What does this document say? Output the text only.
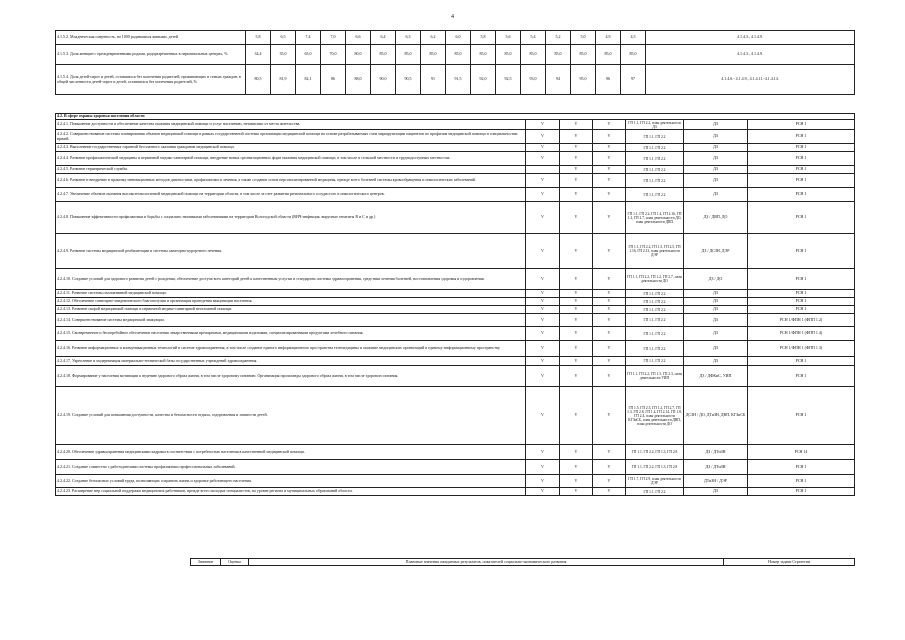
4
4.1.5.2. Младенческая смертность, на 1000 родившихся живыми, детей	5,8	6,5	7,4	7,0	6,6	6,4	6,3	6,2	6,0	5,8	5,6	5,4	5,2	5,0	4,9	4,5	4.1.4.3., 4.1.4.9.
4.1.5.3. Доля женщин с преждевременными родами, родоразрешенных в перинатальных центрах, %	34,4	35,0	65,0	70,0	80,0	85,0	85,0	85,0	85,0	85,0	85,0	85,0	85,0	85,0	85,0	85,0	4.1.4.3., 4.1.4.9.
4.1.5.4. Доля детей-сирот и детей, оставшихся без попечения родителей, проживающих в семьях граждан, в общей численности детей-сирот и детей, оставшихся без попечения родителей, %	80,5	81,9	82,1	86	88,0	90,0	90,5	91	91,5	92,0	92,5	93,0	94	95,0	96	97	4.1.4.6.- 4.1.4.9., 4.1.4.11.-4.1.4.14.
4.2. В сфере охраны здоровья населения области						
4.2.4.1. Повышение доступности и обеспечение качества оказания медицинской помощи и услуг населению, независимо от места жительства.	V	V	V	ГП 1.1, ГП 2.2, план деятельности ДЗ	ДЗ	РСН 1
4.2.4.2. Совершенствование системы планирования объемов медицинской помощи в рамках государственной системы организации медицинской помощи на основе разрабатываемых схем маршрутизации пациентов по профилям медицинской помощи и специальностям врачей.	V	V	V	ГП 1.1, ГП 2.2	ДЗ	РСН 1
4.2.4.3. Выполнение государственных гарантий бесплатного оказания гражданам медицинской помощи.	V	V	V	ГП 1.1, ГП 2.2	ДЗ	РСН 1
4.2.4.4. Развитие профилактической медицины и первичной медико-санитарной помощи, внедрение новых организационных форм оказания медицинской помощи, в том числе в сельской местности и труднодоступных местностях.	V	V	V	ГП 1.1, ГП 2.2	ДЗ	РСН 1
4.2.4.5. Развитие гериатрической службы.		V	V	ГП 1.1, ГП 2.2	ДЗ	РСН 1
4.2.4.6. Развитие и внедрение в практику инновационных методов диагностики, профилактики и лечения, а также создание основ персонализированной медицины, прежде всего болезней системы кровообращения и онкологических заболеваний.	V	V	V	ГП 1.1, ГП 2.2	ДЗ	РСН 1
4.2.4.7. Увеличение объемов оказания высокотехнологичной медицинской помощи на территории области, в том числе за счет развития регионального сосудистого и онкологического центров.	V	V	V	ГП 1.1, ГП 2.2	ДЗ	РСН 1
4.2.4.8. Повышение эффективности профилактики и борьбы с социально значимыми заболеваниями на территории Вологодской области (ВИЧ-инфекция, вирусные гепатиты В и С и др.)	V	V	V	ГП 1.1, ГП 2.2, ГП 1.4, ГП 2.16, ГП 1.2, ГП 2.7, план деятельности ДО, план деятельности ДВП	ДЗ / ДВП, ДО	РСН 1
4.2.4.9. Развитие системы медицинской реабилитации и системы санаторно-курортного лечения.	V	V	V	ГП 1.1, ГП 2.2, ГП 1.5, ГП 2.5, ГП 1.16, ГП 2.13, план деятельности ДЭР	ДЗ / ДСЗН, ДЭР	РСН 1
4.2.4.10. Создание условий для здорового развития детей с рождения, обеспечение доступа всех категорий детей к качественным услугам и стандартам системы здравоохранения, средствам лечения болезней, восстановления здоровья и оздоровления.	V	V	V	ГП 1.1, ГП 2.2, ГП 1.2, ГП 2.7, план деятельности ДО	ДЗ / ДО	РСН 1
4.2.4.11. Развитие системы паллиативной медицинской помощи.	V	V	V	ГП 1.1, ГП 2.2	ДЗ	РСН 1
4.2.4.12. Обеспечение санитарно-эпидемического благополучия и организация проведения вакцинации населения.	V	V	V	ГП 1.1, ГП 2.2	ДЗ	РСН 1
4.2.4.13. Развитие скорой медицинской помощи и первичной медико-санитарной неотложной помощи.	V	V	V	ГП 1.1, ГП 2.2	ДЗ	РСН 1
4.2.4.14. Совершенствование системы медицинской эвакуации.	V	V	V	ГП 1.1, ГП 2.2	ДЗ	РСН 1/ФПН 1 (ФПП 1.2)
4.2.4.15. Своевременное и бесперебойное обеспечение населения лекарственными препаратами, медицинскими изделиями, специализированными продуктами лечебного питания.	V	V	V	ГП 1.1, ГП 2.2	ДЗ	РСН 1/ФПН 1 (ФПП 1.4)
4.2.4.16. Развитие информационных и коммуникационных технологий в системе здравоохранения, в том числе создание единого информационного пространства телемедицины и оказание медицинских организаций в единому информационному пространству.	V	V	V	ГП 1.1, ГП 2.2	ДЗ	РСН 1/ФПН 1 (ФПП 1.3)
4.2.4.17. Укрепление и модернизация материально-технической базы государственных учреждений здравоохранения.	V	V	V	ГП 1.1, ГП 2.2	ДЗ	РСН 1
4.2.4.18. Формирование у населения мотивации к ведению здорового образа жизни, в том числе здоровому питанию. Организация пропаганды здорового образа жизни, в том числе здорового питания.	V	V	V	ГП 1.1, ГП 2.2, ГП 1.3, ГП 2.3, план деятельности УИП	ДЗ / ДФКиС, УИП	РСН 1
4.2.4.19. Создание условий для повышения доступности, качества и безопасности отдыха, оздоровления и занятости детей.	V	V	V	ГП 1.5, ГП 2.5, ГП 1.2, ГП 2.7, ГП 1.3, ГП 2.8, ГП 1.4, ГП 2.14, ГП 1.8, ГП 2.4, план деятельности КГЗиСБ, план деятельности ДВП, план деятельности ДО	ДСЗН / ДО, ДТиЗН, ДВП, КГЗиСБ	РСН 1
4.2.4.20. Обеспечение здравоохранения медицинскими кадрами в соответствии с потребностью населения в качественной медицинской помощи.	V	V	V	ГП 1.1, ГП 2.2, ГП 1.3, ГП 2.8	ДЗ / ДТиЗН	РСН 14
4.2.4.21. Создание совместно с работодателями системы профилактики профессиональных заболеваний.	V	V	V	ГП 1.1, ГП 2.2, ГП 1.3, ГП 2.8	ДЗ / ДТиЗН	РСН 1
4.2.4.22. Создание безопасных условий труда, позволяющих сохранить жизнь и здоровье работающего населения.	V	V	V	ГП 1.7, ГП 2.9, план деятельности ДЭР	ДТиЗН / ДЭР	РСН 1
4.2.4.23. Расширение мер социальной поддержки медицинских работников, прежде всего молодых специалистов, на уровне региона и муниципальных образований области.	V	V	V	ГП 1.1, ГП 2.2	ДЗ	РСН 1
Значение	Оценка	Плановые значения ожидаемых результатов, показателей социально-экономического развития	Номер задачи Стратегии
